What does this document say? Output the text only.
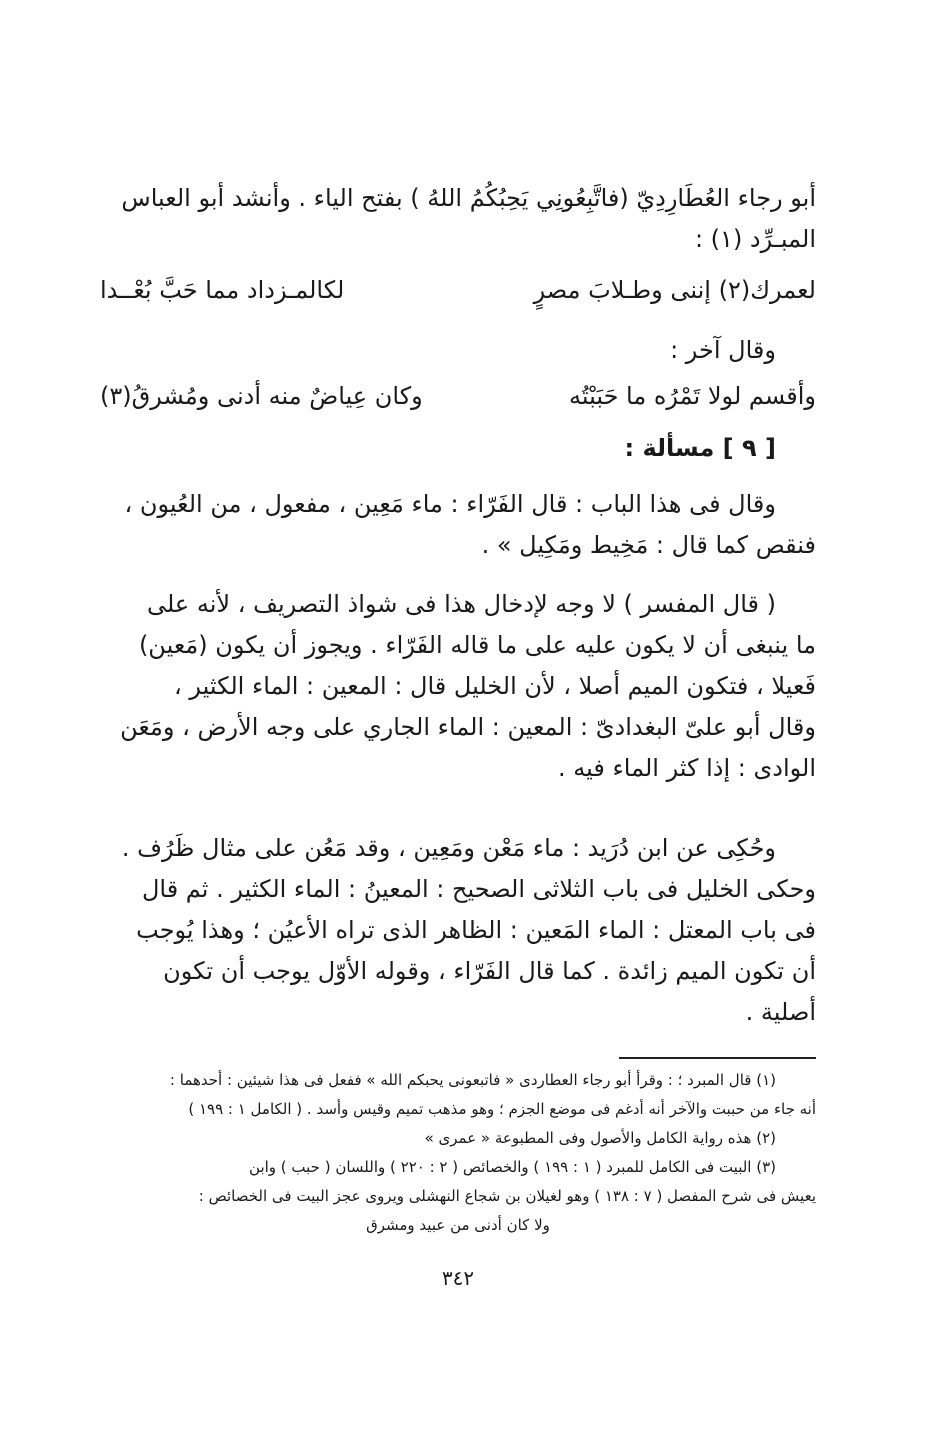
أبو رجاء العُطَارِدِيّ (فاتَّبِعُونِي يَحِبُكُمُ اللهُ ) بفتح الياء . وأنشد أبو العباس
المبـرِّد (١) :
لعمرك(٢) إننى وطـلابَ مصرٍ
لكالمـزداد مما حَبَّ بُعْــدا
وقال آخر :
وأقسم لولا تَمْرُه ما حَبَبْتُه
وكان عِياضٌ منه أدنى ومُشرقُ(٣)
[ ٩ ] مسألة :
وقال فى هذا الباب : قال الفَرّاء : ماء مَعِين ، مفعول ، من العُيون ،
فنقص كما قال : مَخِيط ومَكِيل » .
( قال المفسر ) لا وجه لإدخال هذا فى شواذ التصريف ، لأنه على
ما ينبغى أن لا يكون عليه على ما قاله الفَرّاء . ويجوز أن يكون (مَعين)
فَعيلا ، فتكون الميم أصلا ، لأن الخليل قال : المعين : الماء الكثير ،
وقال أبو علىّ البغدادىّ : المعين : الماء الجاري على وجه الأرض ، ومَعَن
الوادى : إذا كثر الماء فيه .
وحُكِى عن ابن دُرَيد : ماء مَعْن ومَعِين ، وقد مَعُن على مثال ظَرُف .
وحكى الخليل فى باب الثلاثى الصحيح : المعينُ : الماء الكثير . ثم قال
فى باب المعتل : الماء المَعين : الظاهر الذى تراه الأعيُن ؛ وهذا يُوجب
أن تكون الميم زائدة . كما قال الفَرّاء ، وقوله الأوّل يوجب أن تكون
أصلية .
(١) قال المبرد ؛ : وقرأ أبو رجاء العطاردى « فاتبعونى يحبكم الله » ففعل فى هذا شيئين : أحدهما :
أنه جاء من حببت والآخر أنه أدغم فى موضع الجزم ؛ وهو مذهب تميم وقيس وأسد . ( الكامل ١ : ١٩٩ )
(٢) هذه رواية الكامل والأصول وفى المطبوعة « عمرى »
(٣) البيت فى الكامل للمبرد ( ١ : ١٩٩ ) والخصائص ( ٢ : ٢٢٠ ) واللسان ( حبب ) وابن
يعيش فى شرح المفصل ( ٧ : ١٣٨ ) وهو لغيلان بن شجاع النهشلى ويروى عجز البيت فى الخصائص :
ولا كان أدنى من عبيد ومشرق
٣٤٢
